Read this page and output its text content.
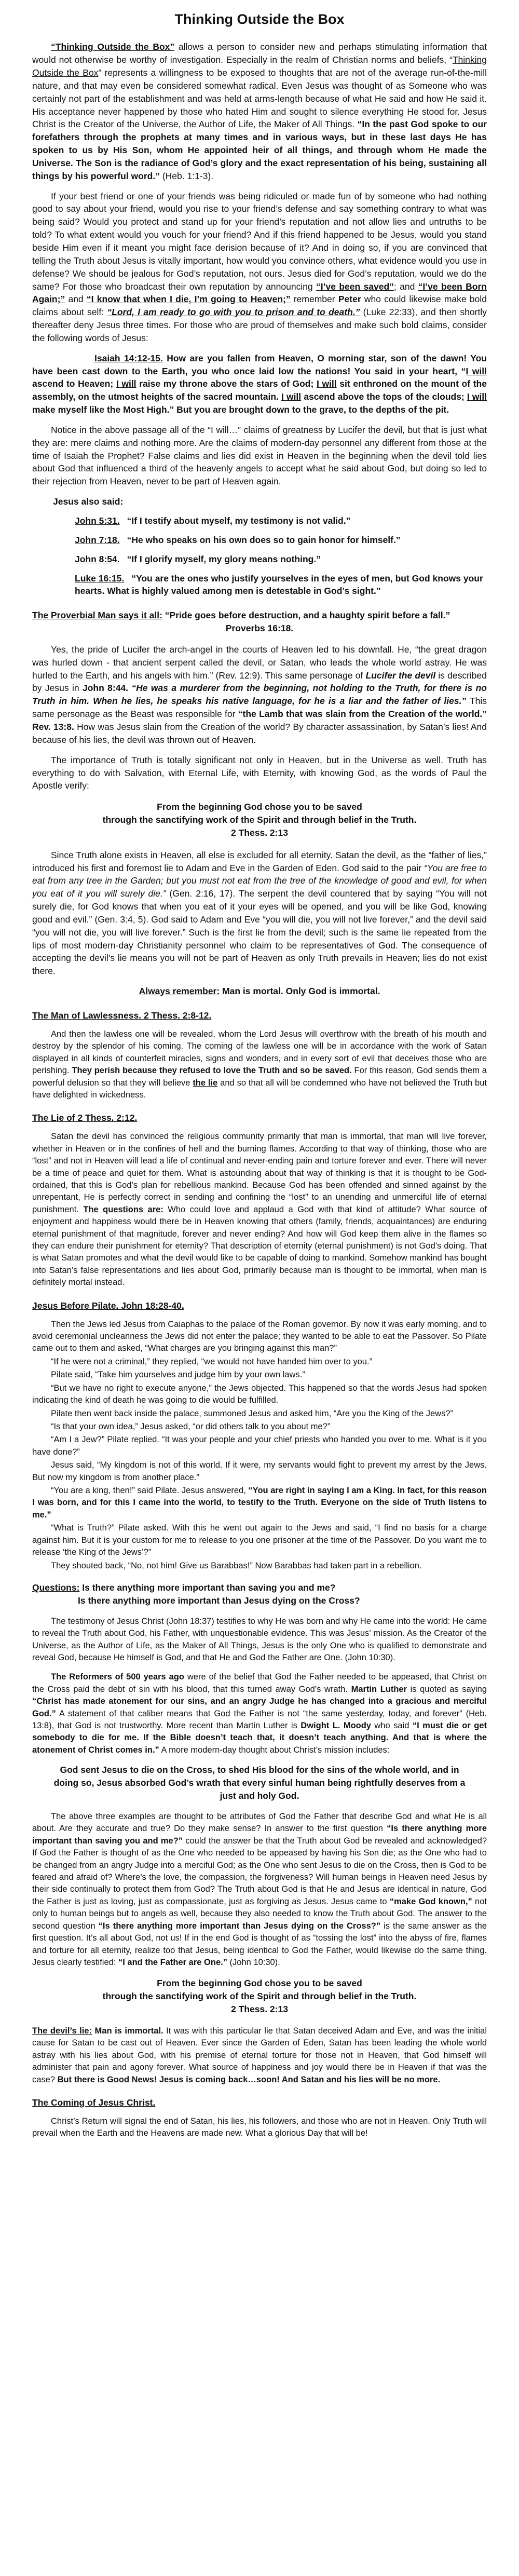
Thinking Outside the Box

“Thinking Outside the Box” allows a person to consider new and perhaps stimulating information that would not otherwise be worthy of investigation. Especially in the realm of Christian norms and beliefs, “Thinking Outside the Box” represents a willingness to be exposed to thoughts that are not of the average run-of-the-mill nature, and that may even be considered somewhat radical. Even Jesus was thought of as Someone who was certainly not part of the establishment and was held at arms-length because of what He said and how He said it. His acceptance never happened by those who hated Him and sought to silence everything He stood for. Jesus Christ is the Creator of the Universe, the Author of Life, the Maker of All Things. “In the past God spoke to our forefathers through the prophets at many times and in various ways, but in these last days He has spoken to us by His Son, whom He appointed heir of all things, and through whom He made the Universe. The Son is the radiance of God’s glory and the exact representation of his being, sustaining all things by his powerful word.” (Heb. 1:1-3).

If your best friend or one of your friends was being ridiculed or made fun of by someone who had nothing good to say about your friend, would you rise to your friend’s defense and say something contrary to what was being said? Would you protect and stand up for your friend’s reputation and not allow lies and untruths to be told? To what extent would you vouch for your friend? And if this friend happened to be Jesus, would you stand beside Him even if it meant you might face derision because of it? And in doing so, if you are convinced that telling the Truth about Jesus is vitally important, how would you convince others, what evidence would you use in defense? We should be jealous for God’s reputation, not ours. Jesus died for God’s reputation, would we do the same? For those who broadcast their own reputation by announcing “I’ve been saved”; and “I’ve been Born Again;” and “I know that when I die, I’m going to Heaven;” remember Peter who could likewise make bold claims about self: “Lord, I am ready to go with you to prison and to death.” (Luke 22:33), and then shortly thereafter deny Jesus three times. For those who are proud of themselves and make such bold claims, consider the following words of Jesus:

Isaiah 14:12-15. How are you fallen from Heaven, O morning star, son of the dawn! You have been cast down to the Earth, you who once laid low the nations! You said in your heart, “I will ascend to Heaven; I will raise my throne above the stars of God; I will sit enthroned on the mount of the assembly, on the utmost heights of the sacred mountain. I will ascend above the tops of the clouds; I will make myself like the Most High.” But you are brought down to the grave, to the depths of the pit.

Notice in the above passage all of the “I will…” claims of greatness by Lucifer the devil, but that is just what they are: mere claims and nothing more. Are the claims of modern-day personnel any different from those at the time of Isaiah the Prophet? False claims and lies did exist in Heaven in the beginning when the devil told lies about God that influenced a third of the heavenly angels to accept what he said about God, but doing so led to their rejection from Heaven, never to be part of Heaven again.

Jesus also said:
John 5:31. “If I testify about myself, my testimony is not valid.”
John 7:18. “He who speaks on his own does so to gain honor for himself.”
John 8:54. “If I glorify myself, my glory means nothing.”
Luke 16:15. “You are the ones who justify yourselves in the eyes of men, but God knows your hearts. What is highly valued among men is detestable in God’s sight.”
The Proverbial Man says it all: “Pride goes before destruction, and a haughty spirit before a fall.”
Proverbs 16:18.

Yes, the pride of Lucifer the arch-angel in the courts of Heaven led to his downfall. He, “the great dragon was hurled down - that ancient serpent called the devil, or Satan, who leads the whole world astray. He was hurled to the Earth, and his angels with him.” (Rev. 12:9). This same personage of Lucifer the devil is described by Jesus in John 8:44. “He was a murderer from the beginning, not holding to the Truth, for there is no Truth in him. When he lies, he speaks his native language, for he is a liar and the father of lies.” This same personage as the Beast was responsible for “the Lamb that was slain from the Creation of the world.” Rev. 13:8. How was Jesus slain from the Creation of the world? By character assassination, by Satan’s lies! And because of his lies, the devil was thrown out of Heaven.

The importance of Truth is totally significant not only in Heaven, but in the Universe as well. Truth has everything to do with Salvation, with Eternal Life, with Eternity, with knowing God, as the words of Paul the Apostle verify:

From the beginning God chose you to be saved
through the sanctifying work of the Spirit and through belief in the Truth.
2 Thess. 2:13

Since Truth alone exists in Heaven, all else is excluded for all eternity. Satan the devil, as the “father of lies,” introduced his first and foremost lie to Adam and Eve in the Garden of Eden. God said to the pair “You are free to eat from any tree in the Garden; but you must not eat from the tree of the knowledge of good and evil, for when you eat of it you will surely die.” (Gen. 2:16, 17). The serpent the devil countered that by saying “You will not surely die, for God knows that when you eat of it your eyes will be opened, and you will be like God, knowing good and evil.” (Gen. 3:4, 5). God said to Adam and Eve “you will die, you will not live forever,” and the devil said “you will not die, you will live forever.” Such is the first lie from the devil; such is the same lie repeated from the lips of most modern-day Christianity personnel who claim to be representatives of God. The consequence of accepting the devil’s lie means you will not be part of Heaven as only Truth prevails in Heaven; lies do not exist there.

Always remember: Man is mortal. Only God is immortal.
The Man of Lawlessness. 2 Thess. 2:8-12.

And then the lawless one will be revealed, whom the Lord Jesus will overthrow with the breath of his mouth and destroy by the splendor of his coming. The coming of the lawless one will be in accordance with the work of Satan displayed in all kinds of counterfeit miracles, signs and wonders, and in every sort of evil that deceives those who are perishing. They perish because they refused to love the Truth and so be saved. For this reason, God sends them a powerful delusion so that they will believe the lie and so that all will be condemned who have not believed the Truth but have delighted in wickedness.

The Lie of 2 Thess. 2:12.

Satan the devil has convinced the religious community primarily that man is immortal, that man will live forever, whether in Heaven or in the confines of hell and the burning flames. According to that way of thinking, those who are “lost” and not in Heaven will lead a life of continual and never-ending pain and torture forever and ever. There will never be a time of peace and quiet for them. What is astounding about that way of thinking is that it is thought to be God-ordained, that this is God’s plan for rebellious mankind. Because God has been offended and sinned against by the unrepentant, He is perfectly correct in sending and confining the “lost” to an unending and unmerciful life of eternal punishment. The questions are: Who could love and applaud a God with that kind of attitude? What source of enjoyment and happiness would there be in Heaven knowing that others (family, friends, acquaintances) are enduring eternal punishment of that magnitude, forever and never ending? And how will God keep them alive in the flames so they can endure their punishment for eternity? That description of eternity (eternal punishment) is not God’s doing. That is what Satan promotes and what the devil would like to be capable of doing to mankind. Somehow mankind has bought into Satan’s false representations and lies about God, primarily because man is thought to be immortal, when man is definitely mortal instead.

Jesus Before Pilate. John 18:28-40.

Then the Jews led Jesus from Caiaphas to the palace of the Roman governor. By now it was early morning, and to avoid ceremonial uncleanness the Jews did not enter the palace; they wanted to be able to eat the Passover. So Pilate came out to them and asked, “What charges are you bringing against this man?”

“If he were not a criminal,” they replied, “we would not have handed him over to you.”

Pilate said, “Take him yourselves and judge him by your own laws.”

“But we have no right to execute anyone,” the Jews objected. This happened so that the words Jesus had spoken indicating the kind of death he was going to die would be fulfilled.

Pilate then went back inside the palace, summoned Jesus and asked him, “Are you the King of the Jews?”

“Is that your own idea,” Jesus asked, “or did others talk to you about me?”

“Am I a Jew?” Pilate replied. “It was your people and your chief priests who handed you over to me. What is it you have done?”

Jesus said, “My kingdom is not of this world. If it were, my servants would fight to prevent my arrest by the Jews. But now my kingdom is from another place.”

“You are a king, then!” said Pilate. Jesus answered, “You are right in saying I am a King. In fact, for this reason I was born, and for this I came into the world, to testify to the Truth. Everyone on the side of Truth listens to me.”

“What is Truth?” Pilate asked. With this he went out again to the Jews and said, “I find no basis for a charge against him. But it is your custom for me to release to you one prisoner at the time of the Passover. Do you want me to release ‘the King of the Jews’?”

They shouted back, “No, not him! Give us Barabbas!” Now Barabbas had taken part in a rebellion.

Questions: Is there anything more important than saving you and me?
Is there anything more important than Jesus dying on the Cross?

The testimony of Jesus Christ (John 18:37) testifies to why He was born and why He came into the world: He came to reveal the Truth about God, his Father, with unquestionable evidence. This was Jesus’ mission. As the Creator of the Universe, as the Author of Life, as the Maker of All Things, Jesus is the only One who is qualified to demonstrate and reveal God, because He himself is God, and that He and God the Father are One. (John 10:30).

The Reformers of 500 years ago were of the belief that God the Father needed to be appeased, that Christ on the Cross paid the debt of sin with his blood, that this turned away God’s wrath. Martin Luther is quoted as saying “Christ has made atonement for our sins, and an angry Judge he has changed into a gracious and merciful God.” A statement of that caliber means that God the Father is not “the same yesterday, today, and forever” (Heb. 13:8), that God is not trustworthy. More recent than Martin Luther is Dwight L. Moody who said “I must die or get somebody to die for me. If the Bible doesn’t teach that, it doesn’t teach anything. And that is where the atonement of Christ comes in.” A more modern-day thought about Christ’s mission includes:

God sent Jesus to die on the Cross, to shed His blood for the sins of the whole world, and in doing so, Jesus absorbed God’s wrath that every sinful human being rightfully deserves from a just and holy God.

The above three examples are thought to be attributes of God the Father that describe God and what He is all about. Are they accurate and true? Do they make sense? In answer to the first question “Is there anything more important than saving you and me?” could the answer be that the Truth about God be revealed and acknowledged? If God the Father is thought of as the One who needed to be appeased by having his Son die; as the One who had to be changed from an angry Judge into a merciful God; as the One who sent Jesus to die on the Cross, then is God to be feared and afraid of? Where’s the love, the compassion, the forgiveness? Will human beings in Heaven need Jesus by their side continually to protect them from God? The Truth about God is that He and Jesus are identical in nature, God the Father is just as loving, just as compassionate, just as forgiving as Jesus. Jesus came to “make God known,” not only to human beings but to angels as well, because they also needed to know the Truth about God. The answer to the second question “Is there anything more important than Jesus dying on the Cross?” is the same answer as the first question. It’s all about God, not us! If in the end God is thought of as “tossing the lost” into the abyss of fire, flames and torture for all eternity, realize too that Jesus, being identical to God the Father, would likewise do the same thing. Jesus clearly testified: “I and the Father are One.” (John 10:30).

From the beginning God chose you to be saved
through the sanctifying work of the Spirit and through belief in the Truth.
2 Thess. 2:13

The devil’s lie: Man is immortal. It was with this particular lie that Satan deceived Adam and Eve, and was the initial cause for Satan to be cast out of Heaven. Ever since the Garden of Eden, Satan has been leading the whole world astray with his lies about God, with his premise of eternal torture for those not in Heaven, that God himself will administer that pain and agony forever. What source of happiness and joy would there be in Heaven if that was the case? But there is Good News! Jesus is coming back…soon! And Satan and his lies will be no more.

The Coming of Jesus Christ.

Christ’s Return will signal the end of Satan, his lies, his followers, and those who are not in Heaven. Only Truth will prevail when the Earth and the Heavens are made new. What a glorious Day that will be!
